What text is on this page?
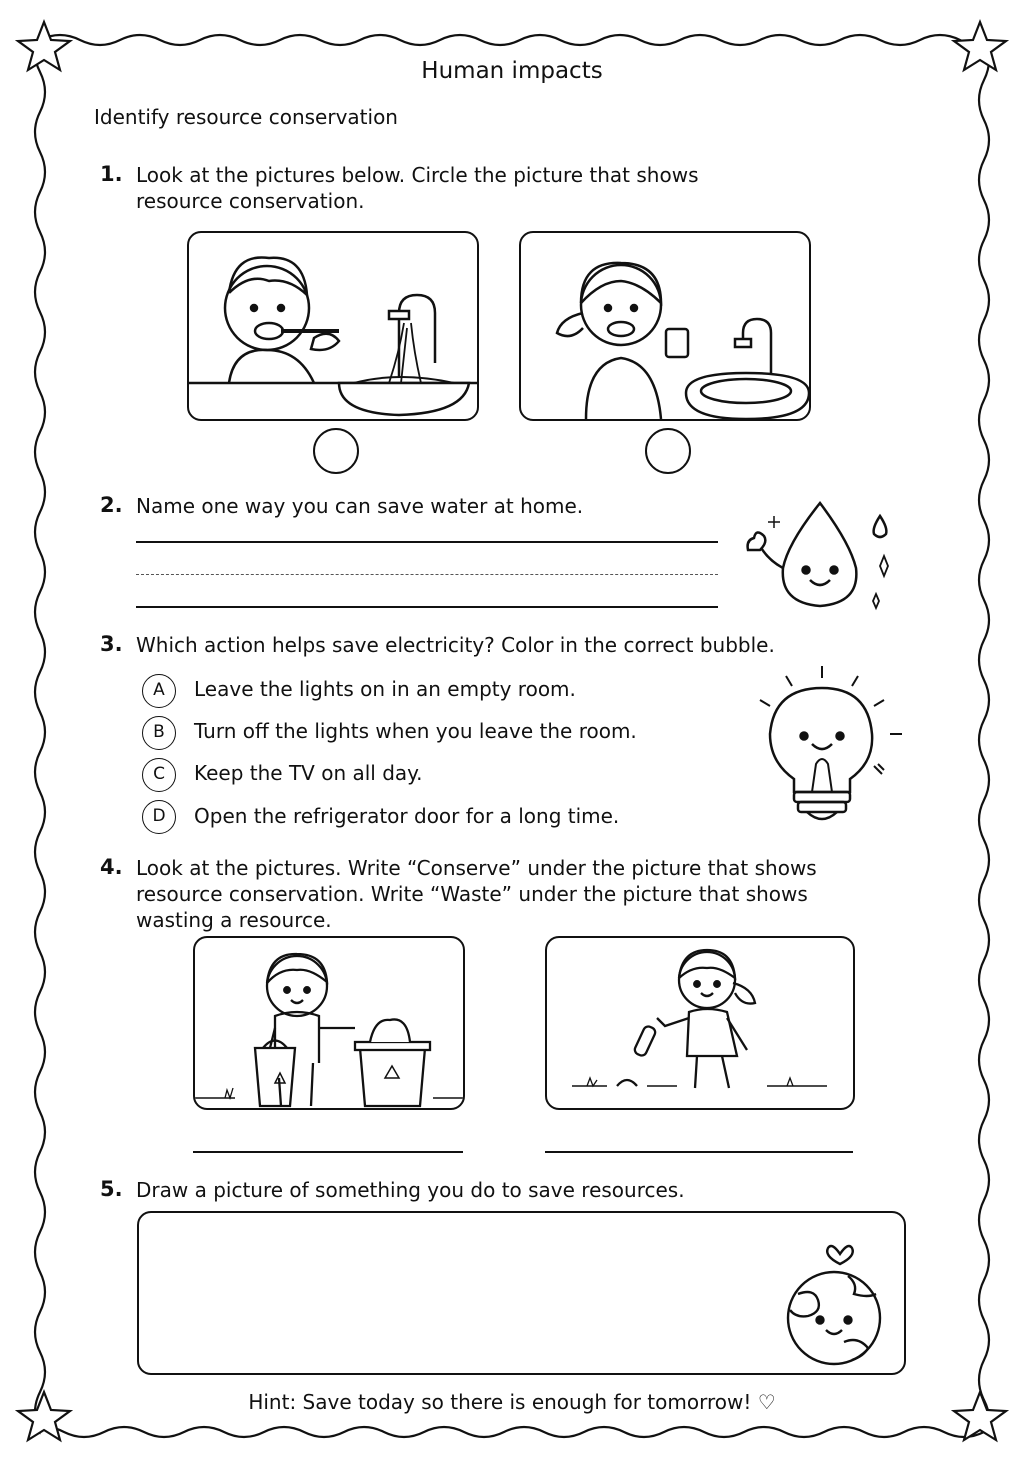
Human impacts
Identify resource conservation
1. Look at the pictures below. Circle the picture that shows resource conservation.
2. Name one way you can save water at home.
3. Which action helps save electricity? Color in the correct bubble.
A	Leave the lights on in an empty room.
B	Turn off the lights when you leave the room.
C	Keep the TV on all day.
D	Open the refrigerator door for a long time.
4. Look at the pictures. Write “Conserve” under the picture that shows resource conservation. Write “Waste” under the picture that shows wasting a resource.
5. Draw a picture of something you do to save resources.
Hint: Save today so there is enough for tomorrow! ♡
